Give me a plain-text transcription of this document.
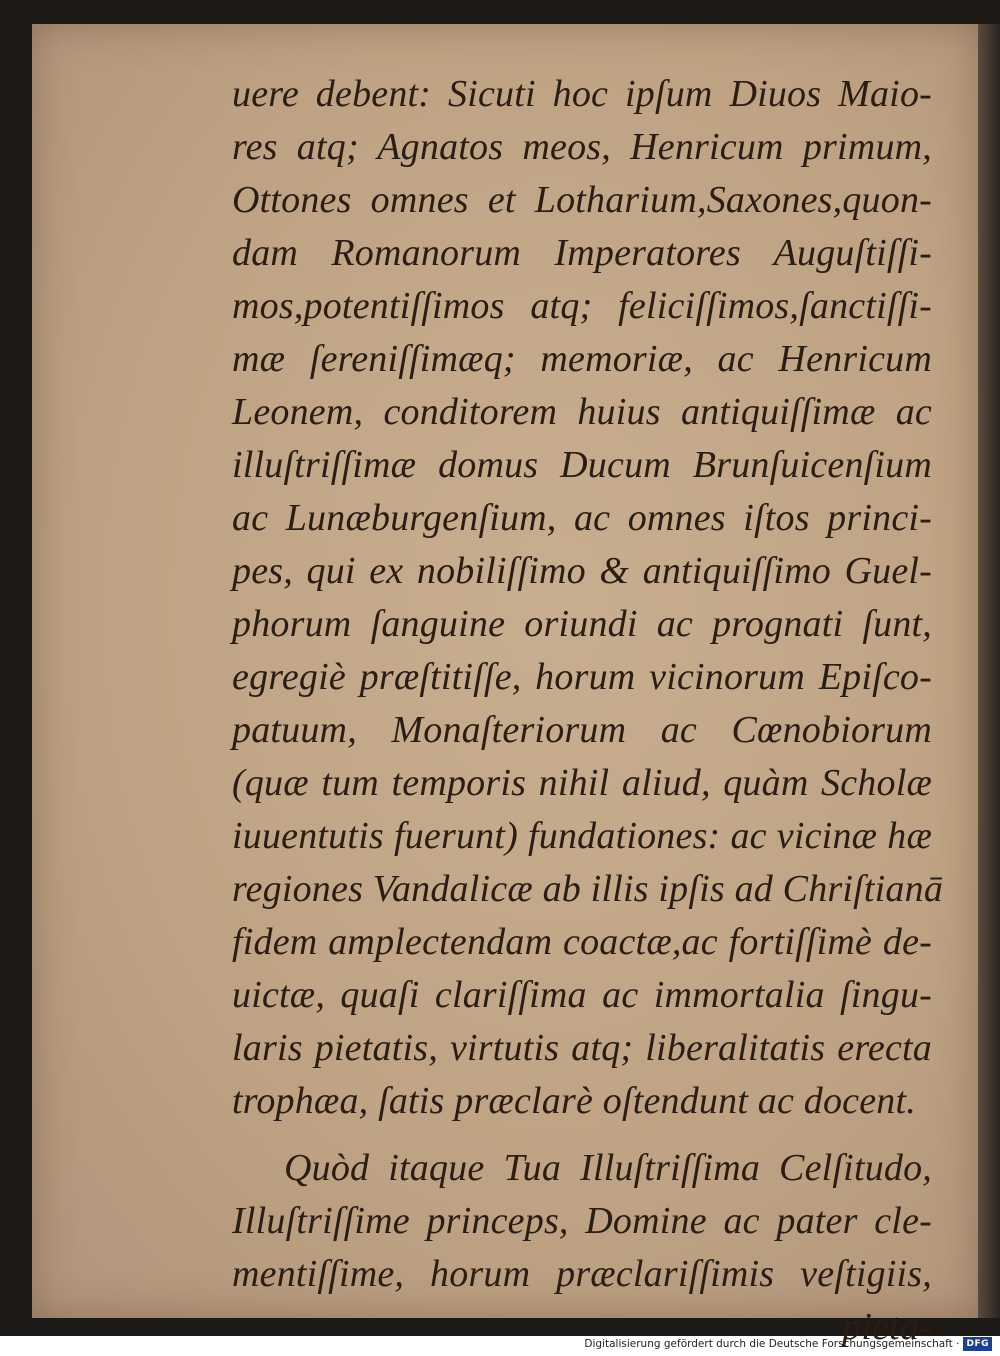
uere debent: Sicuti hoc ipſum Diuos Maio-
res atq; Agnatos meos, Henricum primum,
Ottones omnes et Lotharium,Saxones,quon-
dam Romanorum Imperatores Auguſtiſſi-
mos,potentiſſimos atq; feliciſſimos,ſanctiſſi-
mæ ſereniſſimæq; memoriæ, ac Henricum
Leonem, conditorem huius antiquiſſimæ ac
illuſtriſſimæ domus Ducum Brunſuicenſium
ac Lunæburgenſium, ac omnes iſtos princi-
pes, qui ex nobiliſſimo & antiquiſſimo Guel-
phorum ſanguine oriundi ac prognati ſunt,
egregiè præſtitiſſe, horum vicinorum Epiſco-
patuum, Monaſteriorum ac Cœnobiorum
(quæ tum temporis nihil aliud, quàm Scholæ
iuuentutis fuerunt) fundationes: ac vicinæ hæ
regiones Vandalicæ ab illis ipſis ad Chriſtianā
fidem amplectendam coactæ,ac fortiſſimè de-
uictæ, quaſi clariſſima ac immortalia ſingu-
laris pietatis, virtutis atq; liberalitatis erecta
trophæa, ſatis præclarè oſtendunt ac docent.
Quòd itaque Tua Illuſtriſſima Celſitudo,
Illuſtriſſime princeps, Domine ac pater cle-
mentiſſime, horum præclariſſimis veſtigiis,
pieta-
Digitalisierung gefördert durch die Deutsche Forschungsgemeinschaft · DFG
